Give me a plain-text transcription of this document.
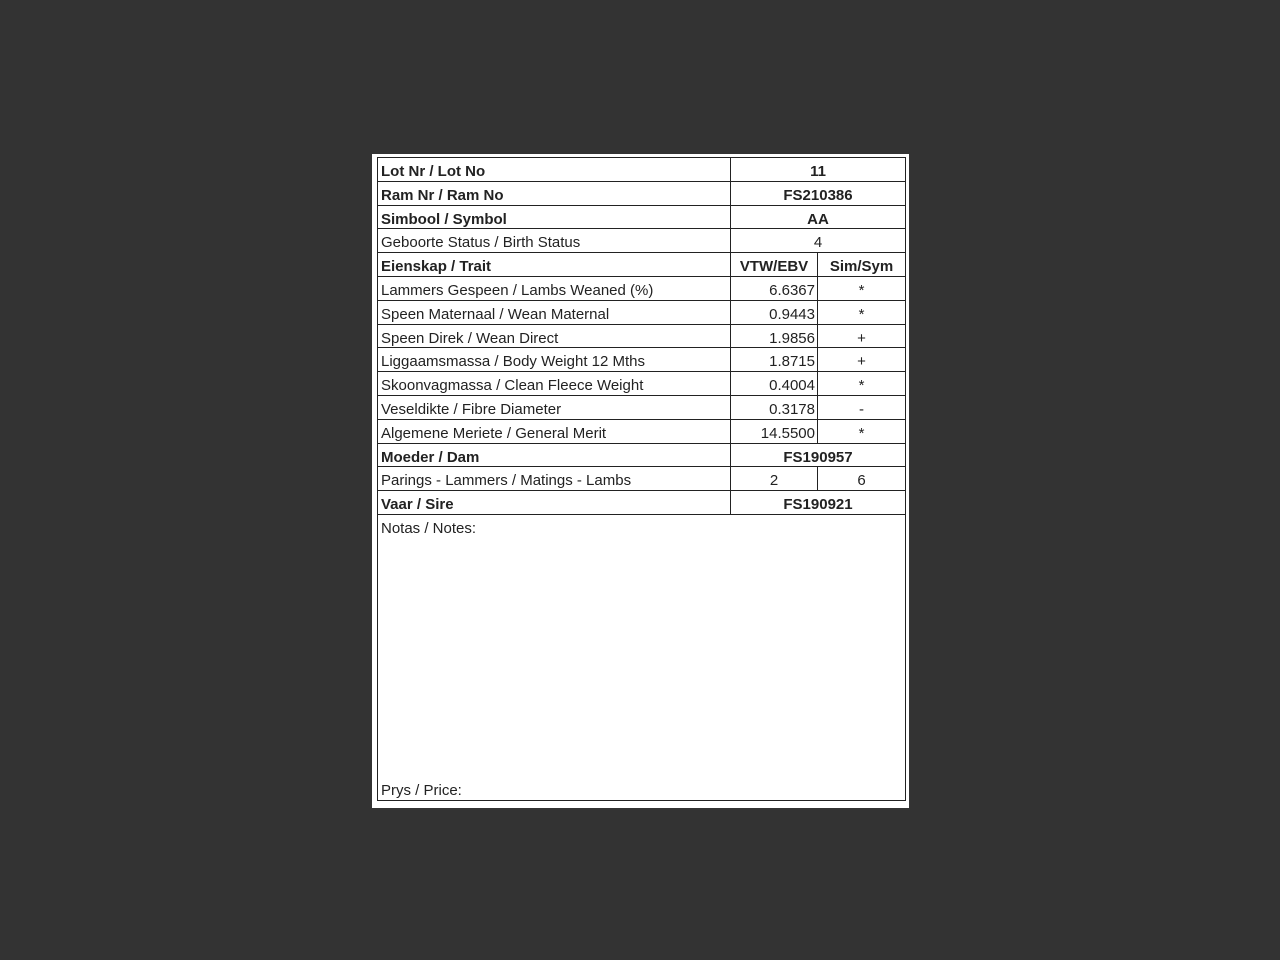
Lot Nr / Lot No	11
Ram Nr / Ram No	FS210386
Simbool / Symbol	AA
Geboorte Status / Birth Status	4
Eienskap / Trait	VTW/EBV	Sim/Sym
Lammers Gespeen / Lambs Weaned (%)	6.6367	*
Speen Maternaal / Wean Maternal	0.9443	*
Speen Direk / Wean Direct	1.9856	+
Liggaamsmassa / Body Weight 12 Mths	1.8715	+
Skoonvagmassa / Clean Fleece Weight	0.4004	*
Veseldikte / Fibre Diameter	0.3178	-
Algemene Meriete / General Merit	14.5500	*
Moeder / Dam	FS190957
Parings - Lammers / Matings - Lambs	2	6
Vaar / Sire	FS190921
Notas / Notes:
Prys / Price:
